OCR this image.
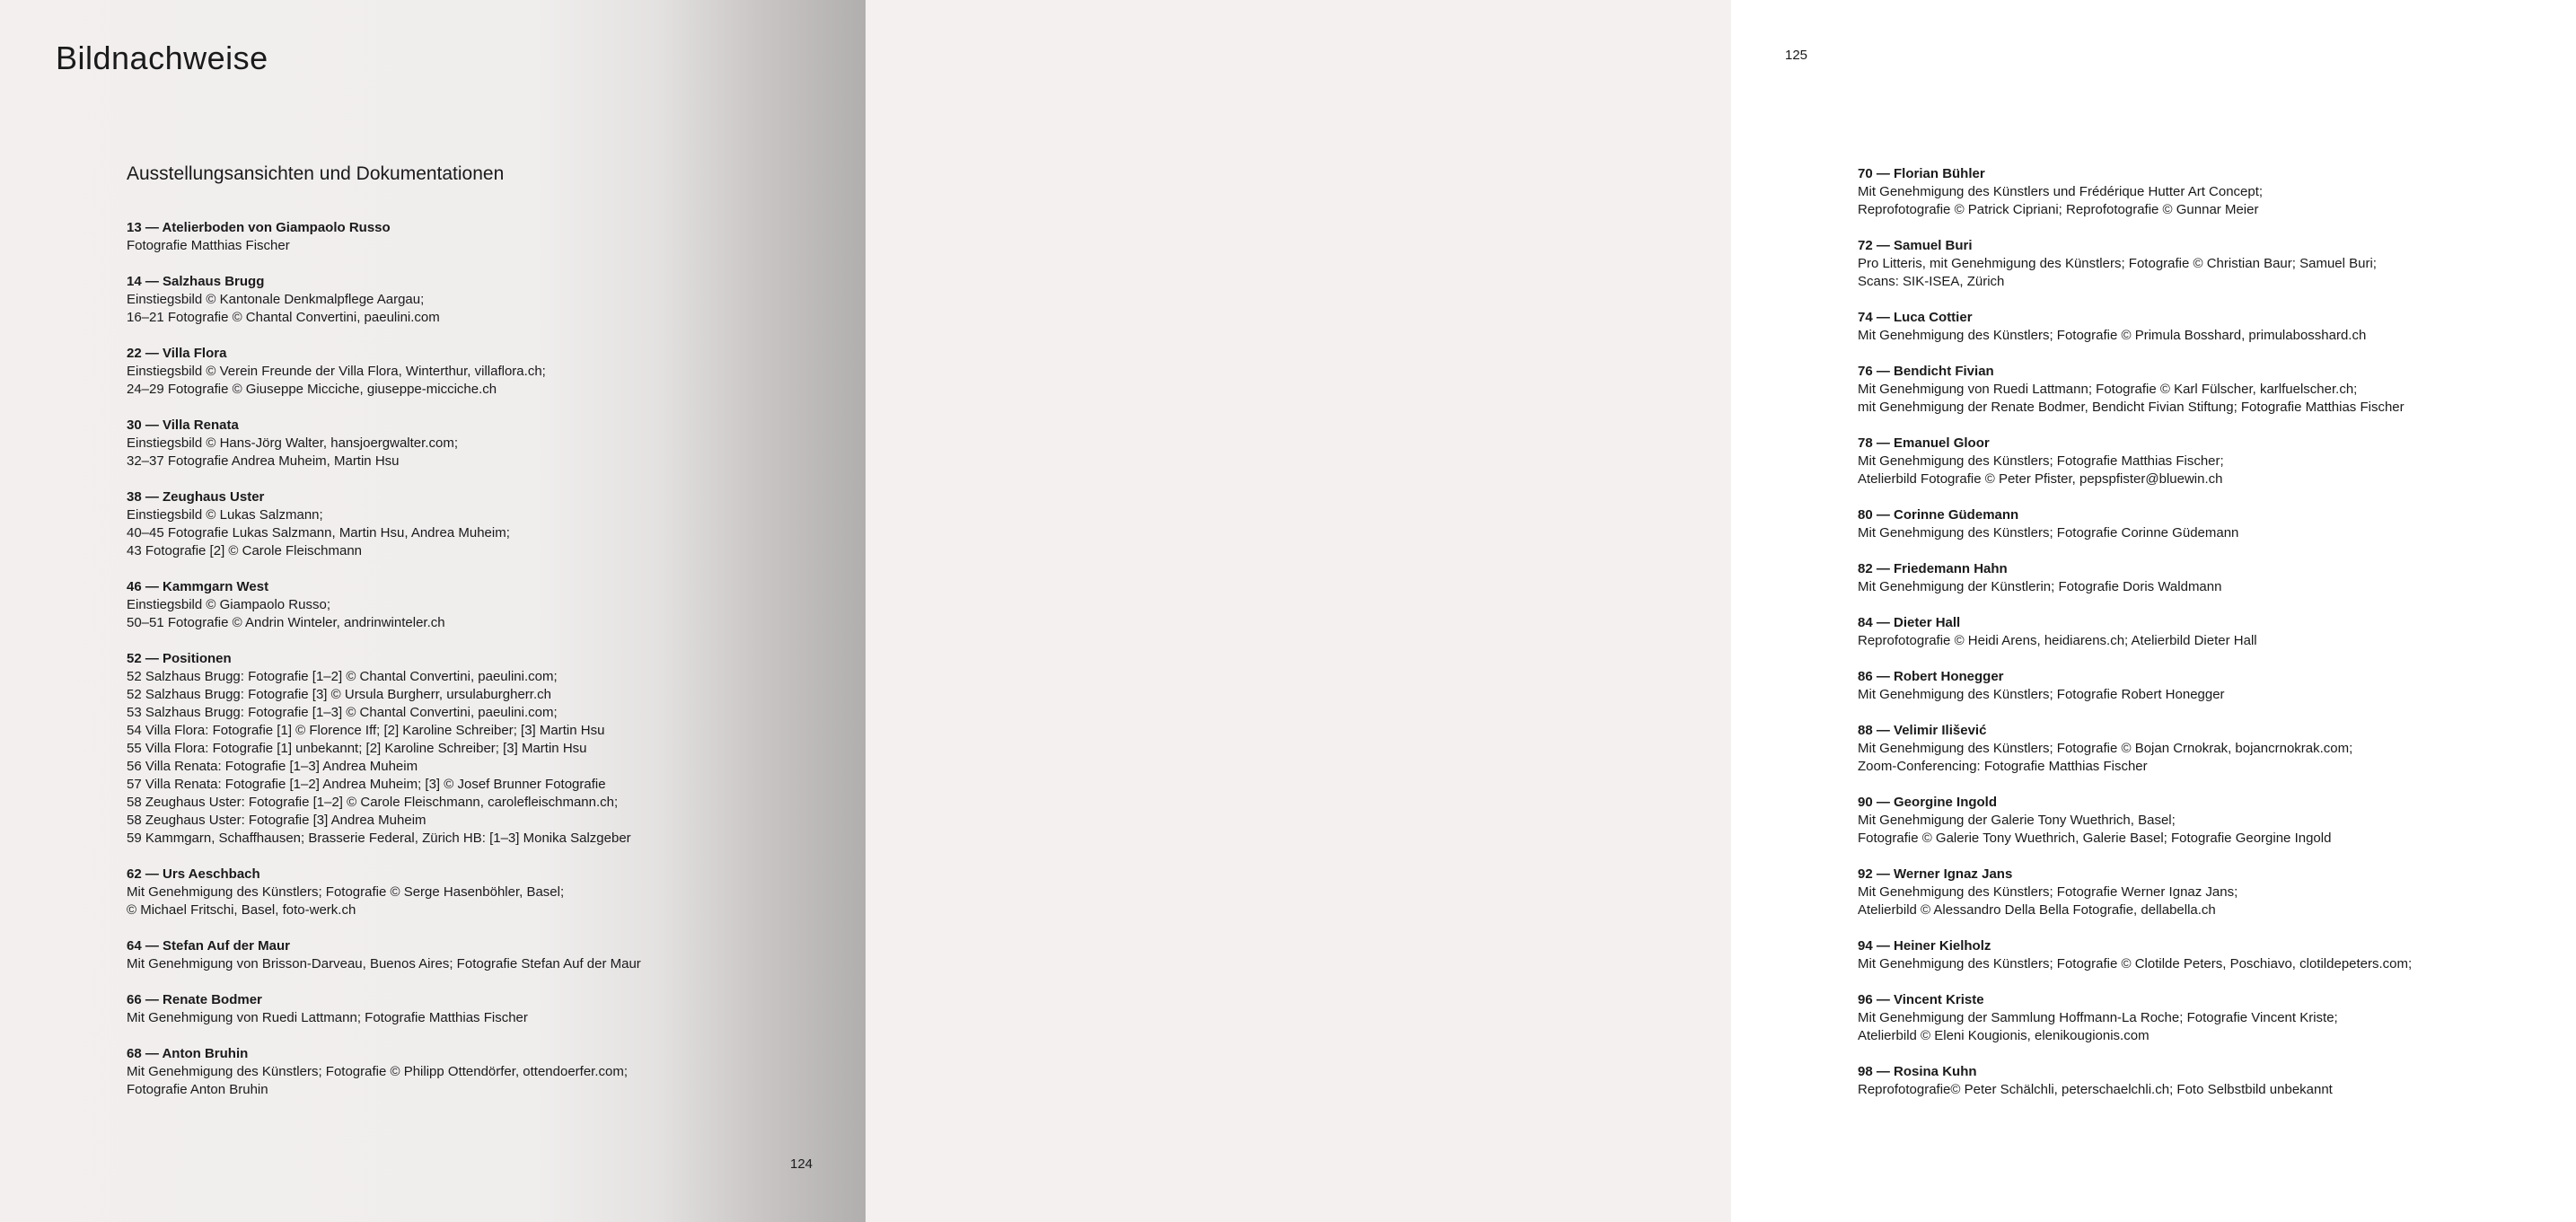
Bildnachweise
Ausstellungsansichten und Dokumentationen
13 — Atelierboden von Giampaolo Russo
Fotografie Matthias Fischer
14 — Salzhaus Brugg
Einstiegsbild © Kantonale Denkmalpflege Aargau;
16–21 Fotografie © Chantal Convertini, paeulini.com
22 — Villa Flora
Einstiegsbild © Verein Freunde der Villa Flora, Winterthur, villaflora.ch;
24–29 Fotografie © Giuseppe Micciche, giuseppe-micciche.ch
30 — Villa Renata
Einstiegsbild © Hans-Jörg Walter, hansjoergwalter.com;
32–37 Fotografie Andrea Muheim, Martin Hsu
38 — Zeughaus Uster
Einstiegsbild © Lukas Salzmann;
40–45 Fotografie Lukas Salzmann, Martin Hsu, Andrea Muheim;
43 Fotografie [2] © Carole Fleischmann
46 — Kammgarn West
Einstiegsbild © Giampaolo Russo;
50–51 Fotografie © Andrin Winteler, andrinwinteler.ch
52 — Positionen
52 Salzhaus Brugg: Fotografie [1–2] © Chantal Convertini, paeulini.com;
52 Salzhaus Brugg: Fotografie [3] © Ursula Burgherr, ursulaburgherr.ch
53 Salzhaus Brugg: Fotografie [1–3] © Chantal Convertini, paeulini.com;
54 Villa Flora: Fotografie [1] © Florence Iff; [2] Karoline Schreiber; [3] Martin Hsu
55 Villa Flora: Fotografie [1] unbekannt; [2] Karoline Schreiber; [3] Martin Hsu
56 Villa Renata: Fotografie [1–3] Andrea Muheim
57 Villa Renata: Fotografie [1–2] Andrea Muheim; [3] © Josef Brunner Fotografie
58 Zeughaus Uster: Fotografie [1–2] © Carole Fleischmann, carolefleischmann.ch;
58 Zeughaus Uster: Fotografie [3] Andrea Muheim
59 Kammgarn, Schaffhausen; Brasserie Federal, Zürich HB: [1–3] Monika Salzgeber
62 — Urs Aeschbach
Mit Genehmigung des Künstlers; Fotografie © Serge Hasenböhler, Basel;
© Michael Fritschi, Basel, foto-werk.ch
64 — Stefan Auf der Maur
Mit Genehmigung von Brisson-Darveau, Buenos Aires; Fotografie Stefan Auf der Maur
66 — Renate Bodmer
Mit Genehmigung von Ruedi Lattmann; Fotografie Matthias Fischer
68 — Anton Bruhin
Mit Genehmigung des Künstlers; Fotografie © Philipp Ottendörfer, ottendoerfer.com;
Fotografie Anton Bruhin
124
125
70 — Florian Bühler
Mit Genehmigung des Künstlers und Frédérique Hutter Art Concept;
Reprofotografie © Patrick Cipriani; Reprofotografie © Gunnar Meier
72 — Samuel Buri
Pro Litteris, mit Genehmigung des Künstlers; Fotografie © Christian Baur; Samuel Buri;
Scans: SIK-ISEA, Zürich
74 — Luca Cottier
Mit Genehmigung des Künstlers; Fotografie © Primula Bosshard, primulabosshard.ch
76 — Bendicht Fivian
Mit Genehmigung von Ruedi Lattmann; Fotografie © Karl Fülscher, karlfuelscher.ch;
mit Genehmigung der Renate Bodmer, Bendicht Fivian Stiftung; Fotografie Matthias Fischer
78 — Emanuel Gloor
Mit Genehmigung des Künstlers; Fotografie Matthias Fischer;
Atelierbild Fotografie © Peter Pfister, pepspfister@bluewin.ch
80 — Corinne Güdemann
Mit Genehmigung des Künstlers; Fotografie Corinne Güdemann
82 — Friedemann Hahn
Mit Genehmigung der Künstlerin; Fotografie Doris Waldmann
84 — Dieter Hall
Reprofotografie © Heidi Arens, heidiarens.ch; Atelierbild Dieter Hall
86 — Robert Honegger
Mit Genehmigung des Künstlers; Fotografie Robert Honegger
88 — Velimir Ilišević
Mit Genehmigung des Künstlers; Fotografie © Bojan Crnokrak, bojancrnokrak.com;
Zoom-Conferencing: Fotografie Matthias Fischer
90 — Georgine Ingold
Mit Genehmigung der Galerie Tony Wuethrich, Basel;
Fotografie © Galerie Tony Wuethrich, Galerie Basel; Fotografie Georgine Ingold
92 — Werner Ignaz Jans
Mit Genehmigung des Künstlers; Fotografie Werner Ignaz Jans;
Atelierbild © Alessandro Della Bella Fotografie, dellabella.ch
94 — Heiner Kielholz
Mit Genehmigung des Künstlers; Fotografie © Clotilde Peters, Poschiavo, clotildepeters.com;
96 — Vincent Kriste
Mit Genehmigung der Sammlung Hoffmann-La Roche; Fotografie Vincent Kriste;
Atelierbild © Eleni Kougionis, elenikougionis.com
98 — Rosina Kuhn
Reprofotografie© Peter Schälchli, peterschaelchli.ch; Foto Selbstbild unbekannt
